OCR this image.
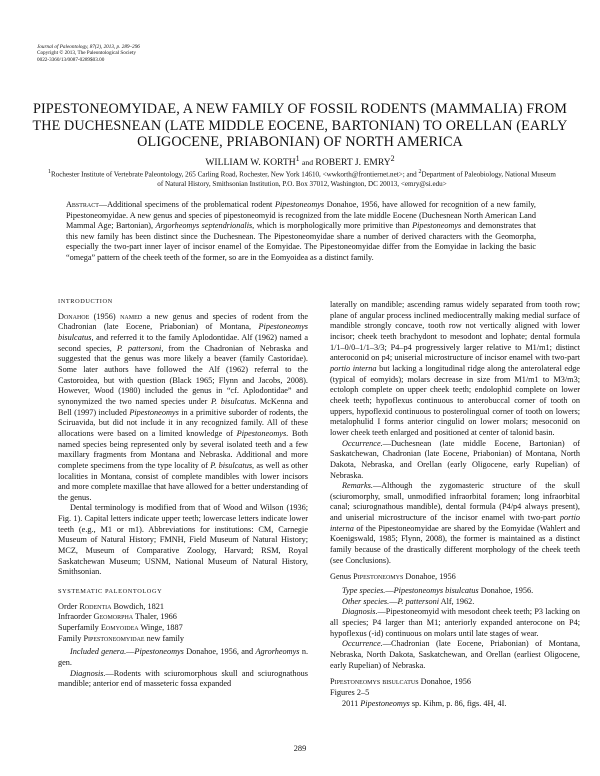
Journal of Paleontology, 87(2), 2013, p. 289–296
Copyright © 2013, The Paleontological Society
0022-3360/13/0087-0289$03.00
PIPESTONEOMYIDAE, A NEW FAMILY OF FOSSIL RODENTS (MAMMALIA) FROM THE DUCHESNEAN (LATE MIDDLE EOCENE, BARTONIAN) TO ORELLAN (EARLY OLIGOCENE, PRIABONIAN) OF NORTH AMERICA
WILLIAM W. KORTH$^1$ and ROBERT J. EMRY$^2$
$^1$Rochester Institute of Vertebrate Paleontology, 265 Carling Road, Rochester, New York 14610, <wwkorth@frontiernet.net>; and $^2$Department of Paleobiology, National Museum of Natural History, Smithsonian Institution, P.O. Box 37012, Washington, DC 20013, <emry@si.edu>
Abstract—Additional specimens of the problematical rodent Pipestoneomys Donahoe, 1956, have allowed for recognition of a new family, Pipestoneomyidae. A new genus and species of pipestoneomyid is recognized from the late middle Eocene (Duchesnean North American Land Mammal Age; Bartonian), Argorheomys septendrionalis, which is morphologically more primitive than Pipestoneomys and demonstrates that this new family has been distinct since the Duchesnean. The Pipestoneomyidae share a number of derived characters with the Geomorpha, especially the two-part inner layer of incisor enamel of the Eomyidae. The Pipestoneomyidae differ from the Eomyidae in lacking the basic “omega” pattern of the cheek teeth of the former, so are in the Eomyoidea as a distinct family.

INTRODUCTION

Donahoe (1956) named a new genus and species of rodent from the Chadronian (late Eocene, Priabonian) of Montana, Pipestoneomys bisulcatus, and referred it to the family Aplodontidae. Alf (1962) named a second species, P. pattersoni, from the Chadronian of Nebraska and suggested that the genus was more likely a beaver (family Castoridae). Some later authors have followed the Alf (1962) referral to the Castoroidea, but with question (Black 1965; Flynn and Jacobs, 2008). However, Wood (1980) included the genus in “cf. Aplodontidae” and synonymized the two named species under P. bisulcatus. McKenna and Bell (1997) included Pipestoneomys in a primitive suborder of rodents, the Sciruavida, but did not include it in any recognized family. All of these allocations were based on a limited knowledge of Pipestoneomys. Both named species being represented only by several isolated teeth and a few maxillary fragments from Montana and Nebraska. Additional and more complete specimens from the type locality of P. bisulcatus, as well as other localities in Montana, consist of complete mandibles with lower incisors and more complete maxillae that have allowed for a better understanding of the genus.

Dental terminology is modified from that of Wood and Wilson (1936; Fig. 1). Capital letters indicate upper teeth; lowercase letters indicate lower teeth (e.g., M1 or m1). Abbreviations for institutions: CM, Carnegie Museum of Natural History; FMNH, Field Museum of Natural History; MCZ, Museum of Comparative Zoology, Harvard; RSM, Royal Saskatchewan Museum; USNM, National Museum of Natural History, Smithsonian.

SYSTEMATIC PALEONTOLOGY

Order Rodentia Bowdich, 1821

Infraorder Geomorpha Thaler, 1966

Superfamily Eomyoidea Winge, 1887

Family Pipestoneomyidae new family

Included genera.—Pipestoneomys Donahoe, 1956, and Agrorheomys n. gen.

Diagnosis.—Rodents with sciuromorphous skull and sciurognathous mandible; anterior end of masseteric fossa expanded

laterally on mandible; ascending ramus widely separated from tooth row; plane of angular process inclined mediocentrally making medial surface of mandible strongly concave, tooth row not vertically aligned with lower incisor; cheek teeth brachydont to mesodont and lophate; dental formula 1/1–0/0–1/1–3/3; P4–p4 progressively larger relative to M1/m1; distinct anteroconid on p4; uniserial microstructure of incisor enamel with two-part portio interna but lacking a longitudinal ridge along the anterolateral edge (typical of eomyids); molars decrease in size from M1/m1 to M3/m3; ectoloph complete on upper cheek teeth; endolophid complete on lower cheek teeth; hypoflexus continuous to anterobuccal corner of tooth on uppers, hypoflexid continuous to posterolingual corner of tooth on lowers; metalophulid I forms anterior cingulid on lower molars; mesoconid on lower cheek teeth enlarged and positioned at center of talonid basin.

Occurrence.—Duchesnean (late middle Eocene, Bartonian) of Saskatchewan, Chadronian (late Eocene, Priabonian) of Montana, North Dakota, Nebraska, and Orellan (early Oligocene, early Rupelian) of Nebraska.

Remarks.—Although the zygomasteric structure of the skull (sciuromorphy, small, unmodified infraorbital foramen; long infraorbital canal; sciurognathous mandible), dental formula (P4/p4 always present), and uniserial microstructure of the incisor enamel with two-part portio interna of the Pipestoneomyidae are shared by the Eomyidae (Wahlert and Koenigswald, 1985; Flynn, 2008), the former is maintained as a distinct family because of the drastically different morphology of the cheek teeth (see Conclusions).

Genus Pipestoneomys Donahoe, 1956

Type species.—Pipestoneomys bisulcatus Donahoe, 1956.

Other species.—P. pattersoni Alf, 1962.

Diagnosis.—Pipestoneomyid with mesodont cheek teeth; P3 lacking on all species; P4 larger than M1; anteriorly expanded anterocone on P4; hypoflexus (-id) continuous on molars until late stages of wear.

Occurrence.—Chadronian (late Eocene, Priabonian) of Montana, Nebraska, North Dakota, Saskatchewan, and Orellan (earliest Oligocene, early Rupelian) of Nebraska.

Pipestoneomys bisulcatus Donahoe, 1956

Figures 2–5

2011 Pipestoneomys sp. Kihm, p. 86, figs. 4H, 4I.

289
